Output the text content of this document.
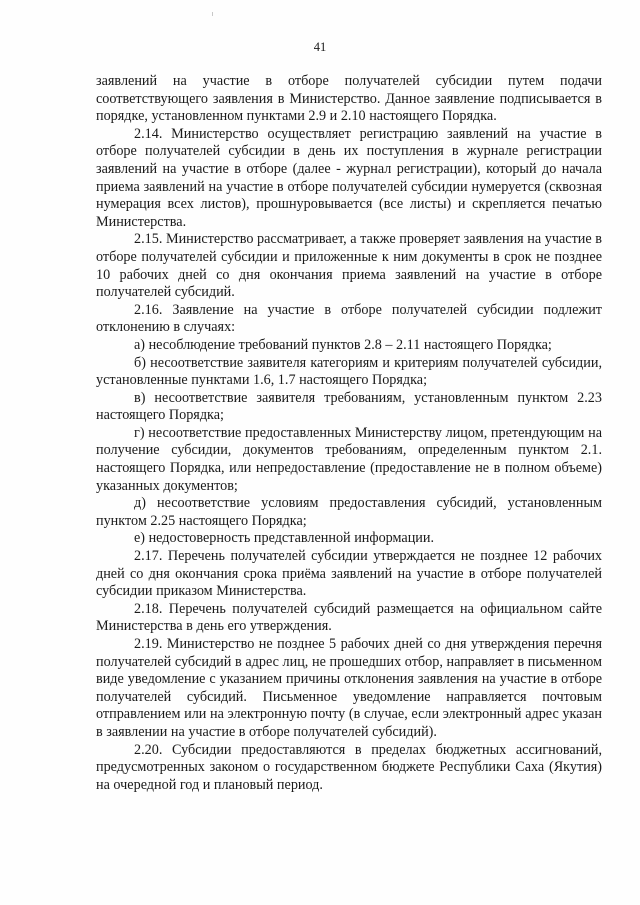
41

заявлений на участие в отборе получателей субсидии путем подачи соответствующего заявления в Министерство. Данное заявление подписывается в порядке, установленном пунктами 2.9 и 2.10 настоящего Порядка.

2.14. Министерство осуществляет регистрацию заявлений на участие в отборе получателей субсидии в день их поступления в журнале регистрации заявлений на участие в отборе (далее - журнал регистрации), который до начала приема заявлений на участие в отборе получателей субсидии нумеруется (сквозная нумерация всех листов), прошнуровывается (все листы) и скрепляется печатью Министерства.

2.15. Министерство рассматривает, а также проверяет заявления на участие в отборе получателей субсидии и приложенные к ним документы в срок не позднее 10 рабочих дней со дня окончания приема заявлений на участие в отборе получателей субсидий.

2.16. Заявление на участие в отборе получателей субсидии подлежит отклонению в случаях:

а) несоблюдение требований пунктов 2.8 – 2.11 настоящего Порядка;

б) несоответствие заявителя категориям и критериям получателей субсидии, установленные пунктами 1.6, 1.7 настоящего Порядка;

в) несоответствие заявителя требованиям, установленным пунктом 2.23 настоящего Порядка;

г) несоответствие предоставленных Министерству лицом, претендующим на получение субсидии, документов требованиям, определенным пунктом 2.1. настоящего Порядка, или непредоставление (предоставление не в полном объеме) указанных документов;

д) несоответствие условиям предоставления субсидий, установленным пунктом 2.25 настоящего Порядка;

е) недостоверность представленной информации.

2.17. Перечень получателей субсидии утверждается не позднее 12 рабочих дней со дня окончания срока приёма заявлений на участие в отборе получателей субсидии приказом Министерства.

2.18. Перечень получателей субсидий размещается на официальном сайте Министерства в день его утверждения.

2.19. Министерство не позднее 5 рабочих дней со дня утверждения перечня получателей субсидий в адрес лиц, не прошедших отбор, направляет в письменном виде уведомление с указанием причины отклонения заявления на участие в отборе получателей субсидий. Письменное уведомление направляется почтовым отправлением или на электронную почту (в случае, если электронный адрес указан в заявлении на участие в отборе получателей субсидий).

2.20. Субсидии предоставляются в пределах бюджетных ассигнований, предусмотренных законом о государственном бюджете Республики Саха (Якутия) на очередной год и плановый период.
